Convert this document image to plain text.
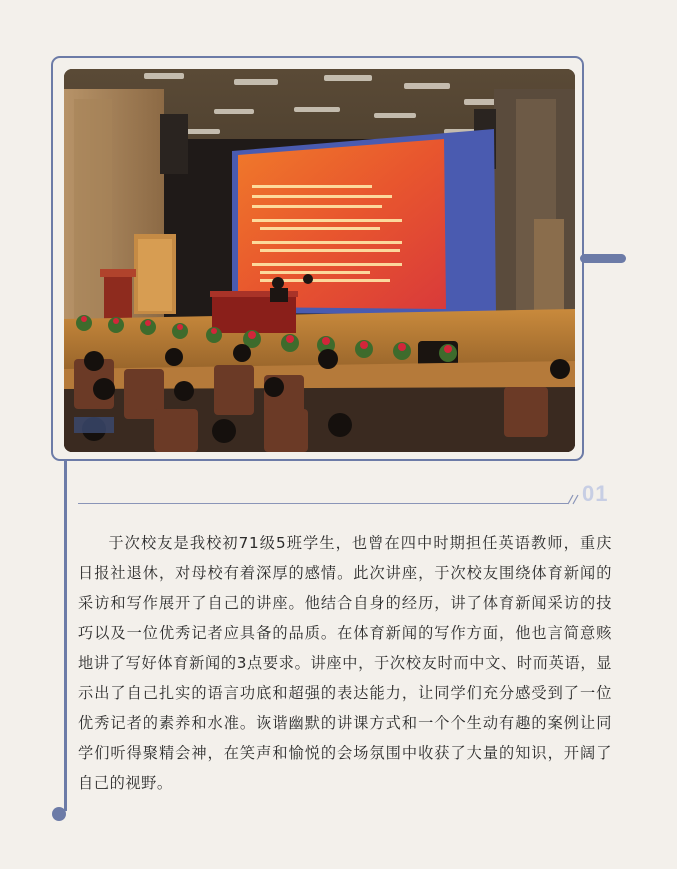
01

于次校友是我校初71级5班学生，也曾在四中时期担任英语教师，重庆日报社退休，对母校有着深厚的感情。此次讲座，于次校友围绕体育新闻的采访和写作展开了自己的讲座。他结合自身的经历，讲了体育新闻采访的技巧以及一位优秀记者应具备的品质。在体育新闻的写作方面，他也言简意赅地讲了写好体育新闻的3点要求。讲座中，于次校友时而中文、时而英语，显示出了自己扎实的语言功底和超强的表达能力，让同学们充分感受到了一位优秀记者的素养和水准。诙谐幽默的讲课方式和一个个生动有趣的案例让同学们听得聚精会神，在笑声和愉悦的会场氛围中收获了大量的知识，开阔了自己的视野。
